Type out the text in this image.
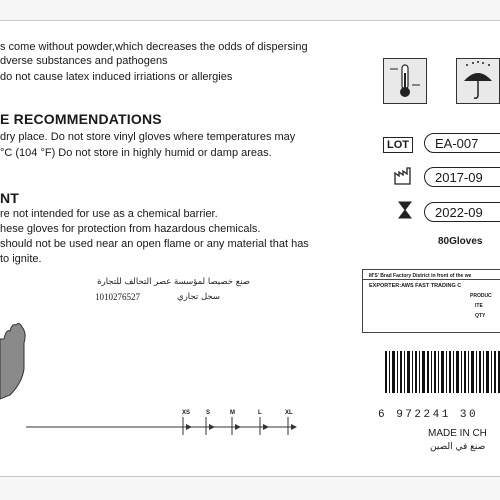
s come without powder,which decreases the odds of dispersing
dverse substances and pathogens
do not cause latex induced irriations or allergies
E RECOMMENDATIONS
dry place. Do not store vinyl gloves where temperatures may
°C (104 °F) Do not store in highly humid or damp areas.
NT
re not intended for use as a chemical barrier.
hese gloves for protection from hazardous chemicals.
should not be used near an open flame or any material that has
to ignite.
صنع خصيصا لمؤسسة عصر التحالف للتجارة
1010276527	سجل تجاري
XS	S	M	L	XL
LOT	EA-007
2017-09
2022-09
80Gloves
M'S' Brad Factory District in front of the we
EXPORTER:AWS FAST TRADING C
PRODUC
ITE
QTY
6 972241 30
MADE IN CH
صنع في الصين
